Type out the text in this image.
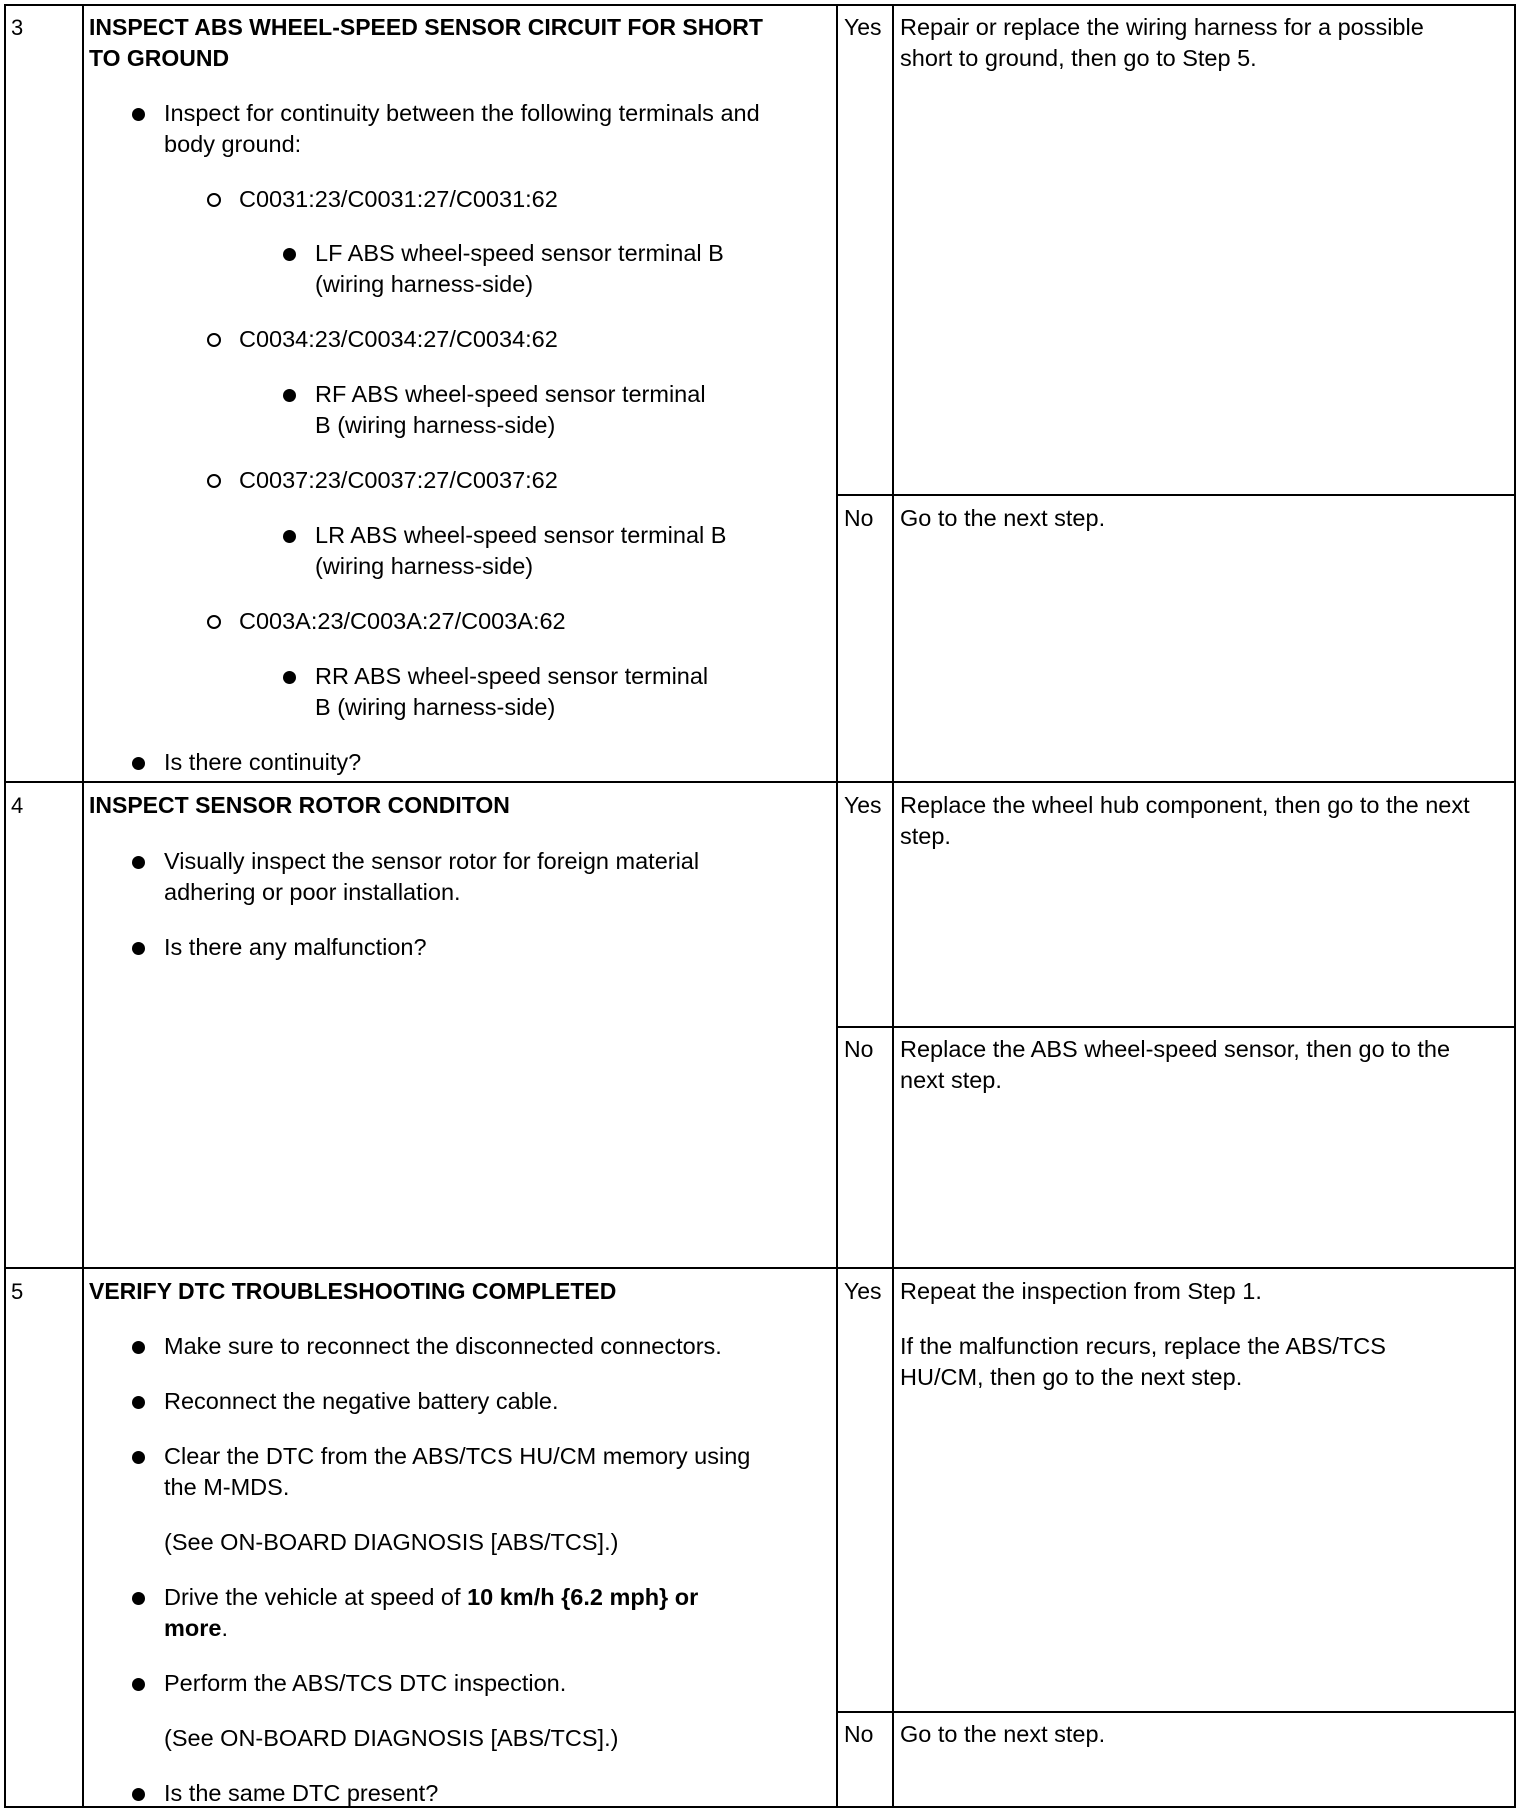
3	INSPECT ABS WHEEL-SPEED SENSOR CIRCUIT FOR SHORT
TO GROUND
Inspect for continuity between the following terminals and
body ground:
C0031:23/C0031:27/C0031:62
LF ABS wheel-speed sensor terminal B
(wiring harness-side)
C0034:23/C0034:27/C0034:62
RF ABS wheel-speed sensor terminal
B (wiring harness-side)
C0037:23/C0037:27/C0037:62
LR ABS wheel-speed sensor terminal B
(wiring harness-side)
C003A:23/C003A:27/C003A:62
RR ABS wheel-speed sensor terminal
B (wiring harness-side)
Is there continuity?
Yes Repair or replace the wiring harness for a possible
short to ground, then go to Step 5.
No Go to the next step.
4	INSPECT SENSOR ROTOR CONDITON
Visually inspect the sensor rotor for foreign material
adhering or poor installation.
Is there any malfunction?
Yes Replace the wheel hub component, then go to the next
step.
No Replace the ABS wheel-speed sensor, then go to the
next step.
5	VERIFY DTC TROUBLESHOOTING COMPLETED
Make sure to reconnect the disconnected connectors.
Reconnect the negative battery cable.
Clear the DTC from the ABS/TCS HU/CM memory using
the M-MDS.
(See ON-BOARD DIAGNOSIS [ABS/TCS].)
Drive the vehicle at speed of 10 km/h {6.2 mph} or
more.
Perform the ABS/TCS DTC inspection.
(See ON-BOARD DIAGNOSIS [ABS/TCS].)
Is the same DTC present?
Yes Repeat the inspection from Step 1.
If the malfunction recurs, replace the ABS/TCS
HU/CM, then go to the next step.
No Go to the next step.
